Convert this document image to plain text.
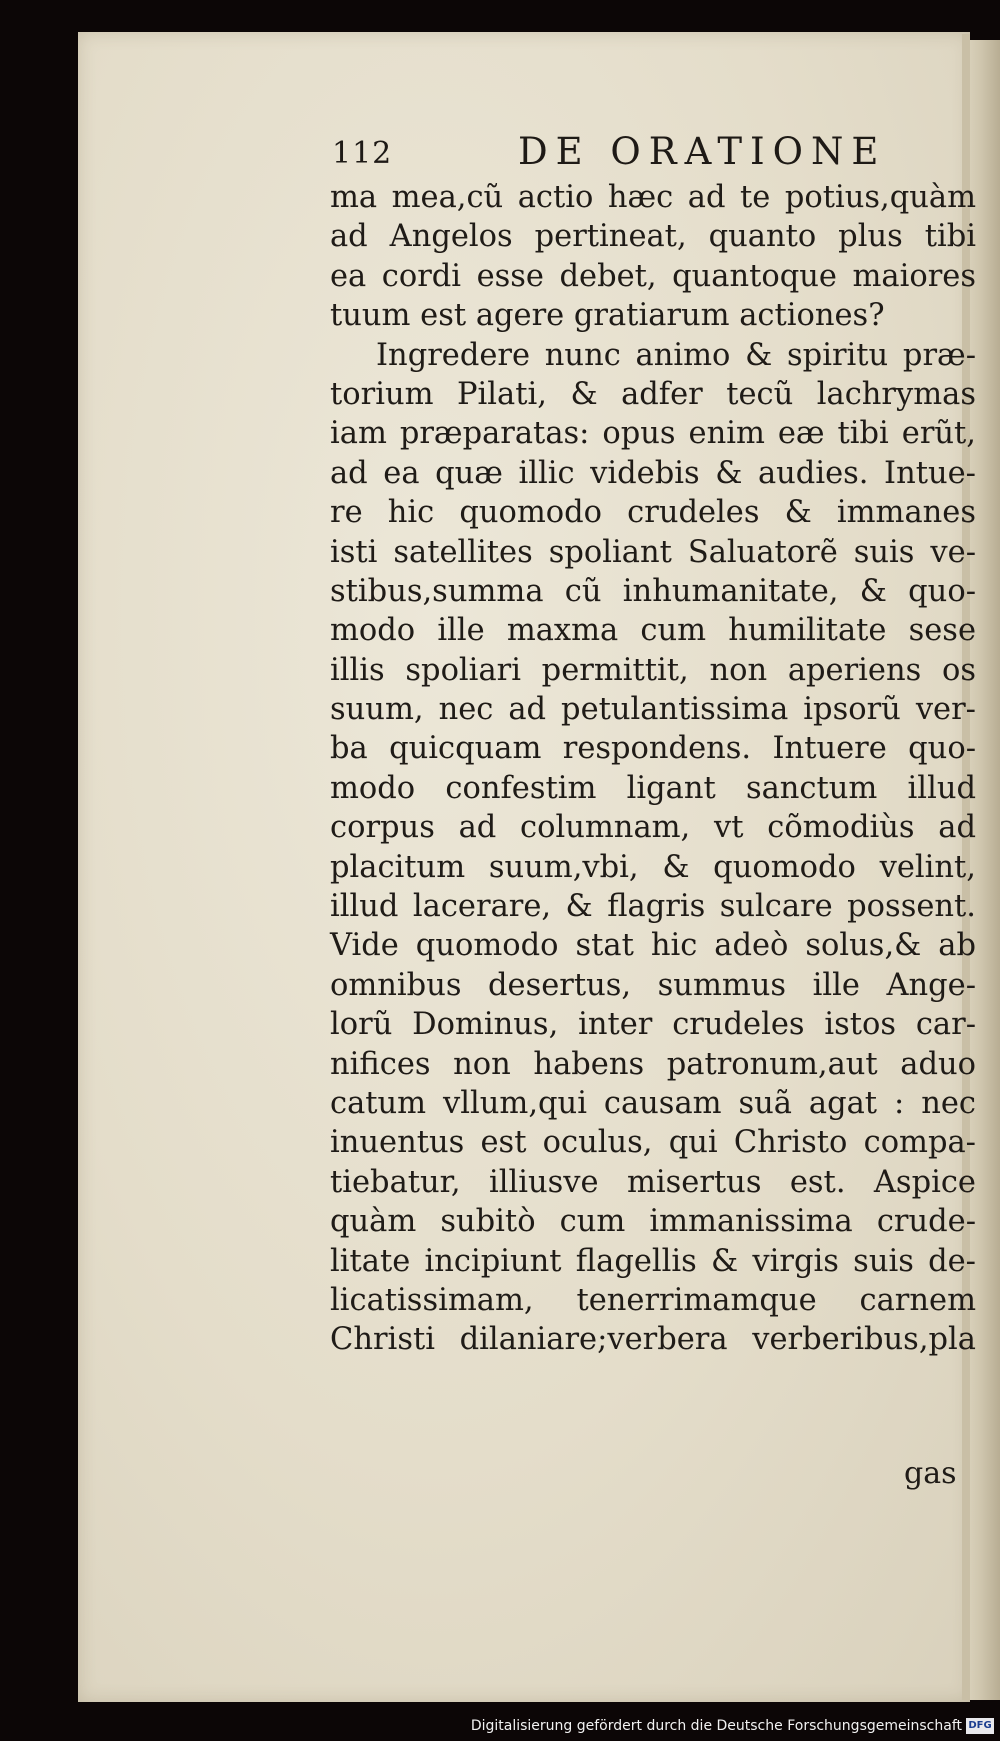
112	DE ORATIONE
ma mea,cũ actio hæc ad te potius,quàm
ad Angelos pertineat, quanto plus tibi
ea cordi esse debet, quantoque maiores
tuum est agere gratiarum actiones?
Ingredere nunc animo & spiritu præ-
torium Pilati, & adfer tecũ lachrymas
iam præparatas: opus enim eæ tibi erũt,
ad ea quæ illic videbis & audies. Intue-
re hic quomodo crudeles & immanes
isti satellites spoliant Saluatorẽ suis ve-
stibus,summa cũ inhumanitate, & quo-
modo ille maxma cum humilitate sese
illis spoliari permittit, non aperiens os
suum, nec ad petulantissima ipsorũ ver-
ba quicquam respondens. Intuere quo-
modo confestim ligant sanctum illud
corpus ad columnam, vt cõmodiùs ad
placitum suum,vbi, & quomodo velint,
illud lacerare, & flagris sulcare possent.
Vide quomodo stat hic adeò solus,& ab
omnibus desertus, summus ille Ange-
lorũ Dominus, inter crudeles istos car-
nifices non habens patronum,aut aduo
catum vllum,qui causam suã agat : nec
inuentus est oculus, qui Christo compa-
tiebatur, illiusve misertus est. Aspice
quàm subitò cum immanissima crude-
litate incipiunt flagellis & virgis suis de-
licatissimam, tenerrimamque carnem
Christi dilaniare;verbera verberibus,pla
gas
Digitalisierung gefördert durch die Deutsche Forschungsgemeinschaft DFG
